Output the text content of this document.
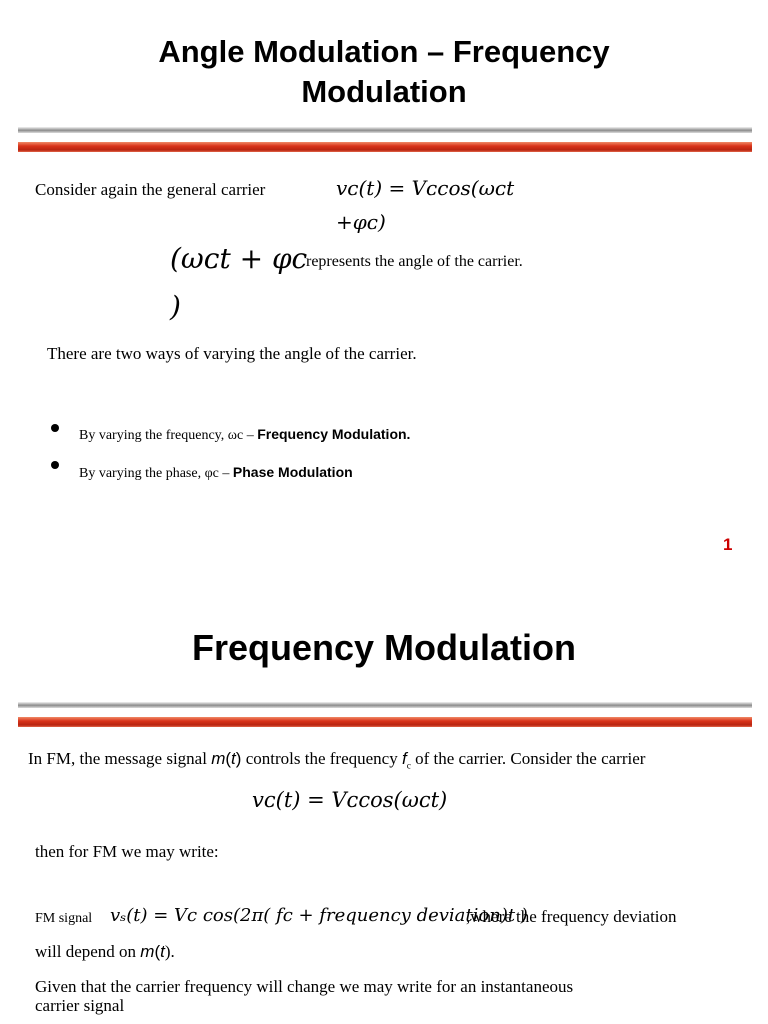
Angle Modulation – Frequency
Modulation
Consider again the general carrier	vᴄ(t) = Vᴄcos(ωᴄt
+φᴄ)
(ωᴄt + φc
)
represents the angle of the carrier.
There are two ways of varying the angle of the carrier.
By varying the frequency, ωc – Frequency Modulation.
By varying the phase, φc – Phase Modulation
1
Frequency Modulation
In FM, the message signal m(t) controls the frequency $f_c$ of the carrier. Consider the carrier
vᴄ(t) = Vᴄcos(ωᴄt)
then for FM we may write:
FM signal vₛ(t) = Vc cos(2π( fc + frequency deviation)t )
,where the frequency deviation
will depend on m(t).
Given that the carrier frequency will change we may write for an instantaneous
carrier signal
